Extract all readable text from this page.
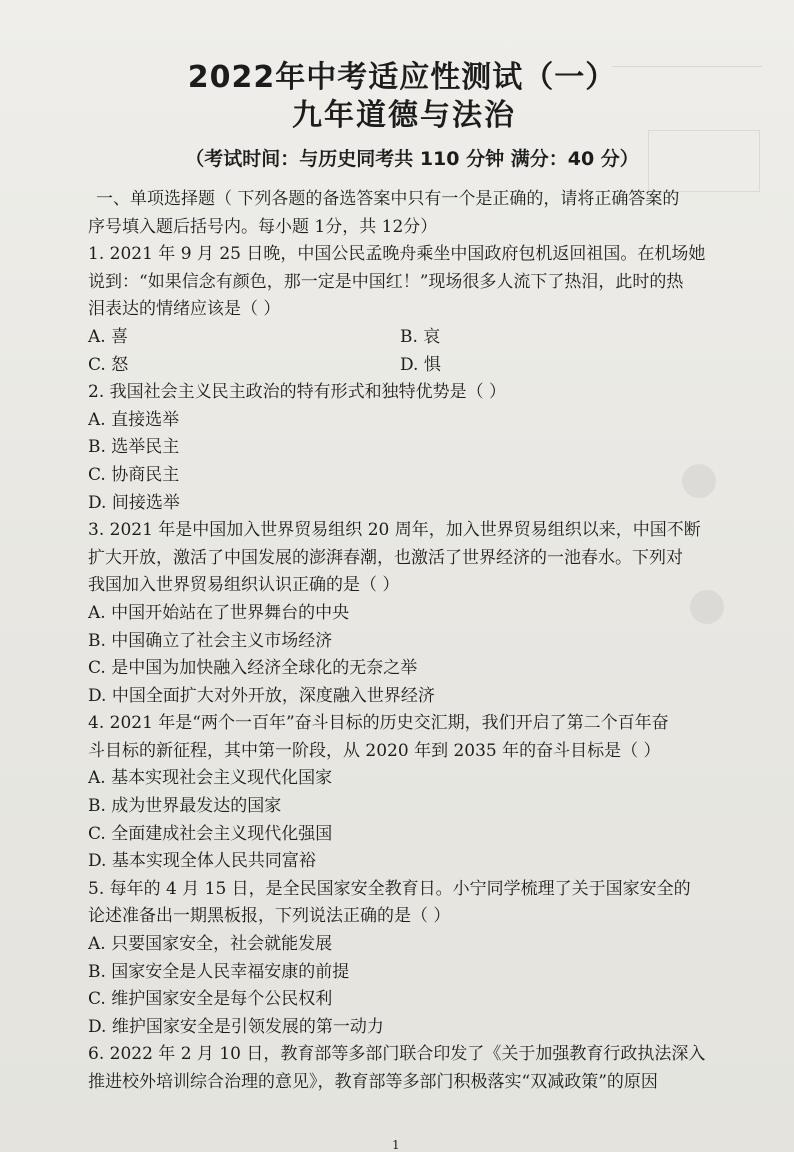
2022年中考适应性测试（一）
九年道德与法治
（考试时间：与历史同考共 110 分钟 满分：40 分）
一、单项选择题（ 下列各题的备选答案中只有一个是正确的，请将正确答案的
序号填入题后括号内。每小题 1分，共 12分）
1. 2021 年 9 月 25 日晚，中国公民孟晚舟乘坐中国政府包机返回祖国。在机场她
说到：“如果信念有颜色，那一定是中国红！”现场很多人流下了热泪，此时的热
泪表达的情绪应该是（ ）
A. 喜	B. 哀
C. 怒	D. 惧
2. 我国社会主义民主政治的特有形式和独特优势是（ ）
A. 直接选举
B. 选举民主
C. 协商民主
D. 间接选举
3. 2021 年是中国加入世界贸易组织 20 周年，加入世界贸易组织以来，中国不断
扩大开放，激活了中国发展的澎湃春潮，也激活了世界经济的一池春水。下列对
我国加入世界贸易组织认识正确的是（ ）
A. 中国开始站在了世界舞台的中央
B. 中国确立了社会主义市场经济
C. 是中国为加快融入经济全球化的无奈之举
D. 中国全面扩大对外开放，深度融入世界经济
4. 2021 年是“两个一百年”奋斗目标的历史交汇期，我们开启了第二个百年奋
斗目标的新征程，其中第一阶段，从 2020 年到 2035 年的奋斗目标是（ ）
A. 基本实现社会主义现代化国家
B. 成为世界最发达的国家
C. 全面建成社会主义现代化强国
D. 基本实现全体人民共同富裕
5. 每年的 4 月 15 日，是全民国家安全教育日。小宁同学梳理了关于国家安全的
论述准备出一期黑板报，下列说法正确的是（ ）
A. 只要国家安全，社会就能发展
B. 国家安全是人民幸福安康的前提
C. 维护国家安全是每个公民权利
D. 维护国家安全是引领发展的第一动力
6. 2022 年 2 月 10 日，教育部等多部门联合印发了《关于加强教育行政执法深入
推进校外培训综合治理的意见》，教育部等多部门积极落实“双减政策”的原因
1
